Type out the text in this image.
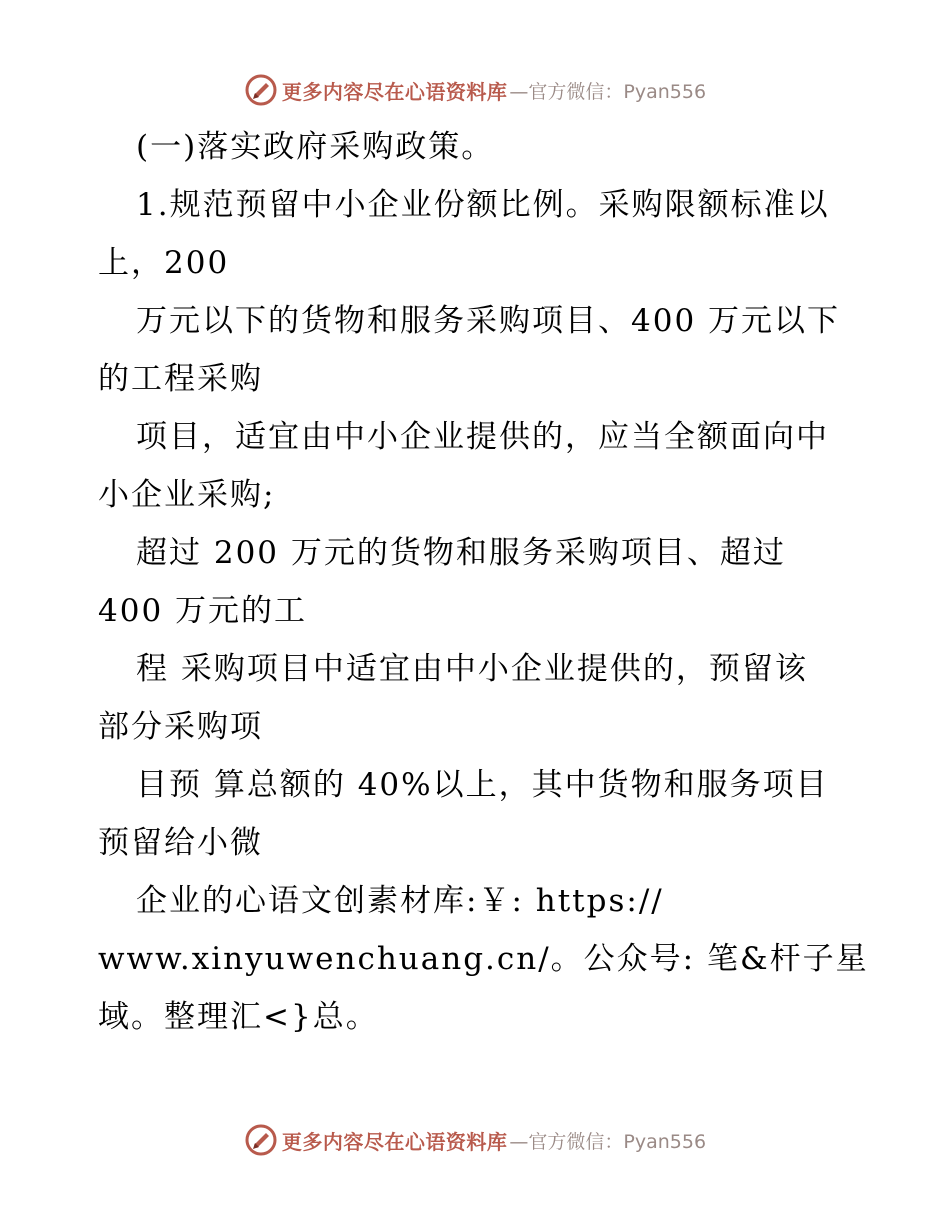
更多内容尽在心语资料库 —官方微信：Pyan556
(一)落实政府采购政策。
1.规范预留中小企业份额比例。采购限额标准以
上，200
万元以下的货物和服务采购项目、400 万元以下
的工程采购
项目，适宜由中小企业提供的，应当全额面向中
小企业采购;
超过 200 万元的货物和服务采购项目、超过
400 万元的工
程 采购项目中适宜由中小企业提供的，预留该
部分采购项
目预 算总额的 40%以上，其中货物和服务项目
预留给小微
企业的心语文创素材库:￥: https://
www.xinyuwenchuang.cn/。公众号: 笔&杆子星
域。整理汇<}总。
更多内容尽在心语资料库 —官方微信：Pyan556
